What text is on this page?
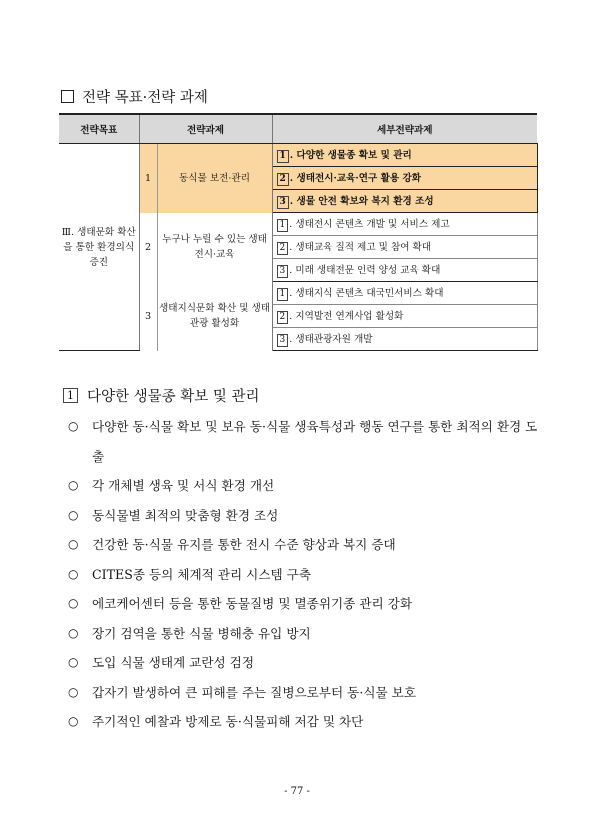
전략 목표·전략 과제
전략목표	전략과제		세부전략과제
Ⅲ. 생태문화 확산을 통한 환경의식 증진	1	동식물 보전·관리	1 . 다양한 생물종 확보 및 관리
			2 . 생태전시·교육·연구 활용 강화
			3 . 생물 안전 확보와 복지 환경 조성
	2	누구나 누릴 수 있는 생태전시·교육	1 . 생태전시 콘텐츠 개발 및 서비스 제고
			2 . 생태교육 질적 제고 및 참여 확대
			3 . 미래 생태전문 인력 양성 교육 확대
	3	생태지식문화 확산 및 생태관광 활성화	1 . 생태지식 콘텐츠 대국민서비스 확대
			2 . 지역발전 연계사업 활성화
			3 . 생태관광자원 개발
1 다양한 생물종 확보 및 관리
○ 다양한 동·식물 확보 및 보유 동·식물 생육특성과 행동 연구를 통한 최적의 환경 도출
○ 각 개체별 생육 및 서식 환경 개선
○ 동식물별 최적의 맞춤형 환경 조성
○ 건강한 동·식물 유지를 통한 전시 수준 향상과 복지 증대
○ CITES종 등의 체계적 관리 시스템 구축
○ 에코케어센터 등을 통한 동물질병 및 멸종위기종 관리 강화
○ 장기 검역을 통한 식물 병해충 유입 방지
○ 도입 식물 생태계 교란성 검정
○ 갑자기 발생하여 큰 피해를 주는 질병으로부터 동·식물 보호
○ 주기적인 예찰과 방제로 동·식물피해 저감 및 차단
- 77 -
